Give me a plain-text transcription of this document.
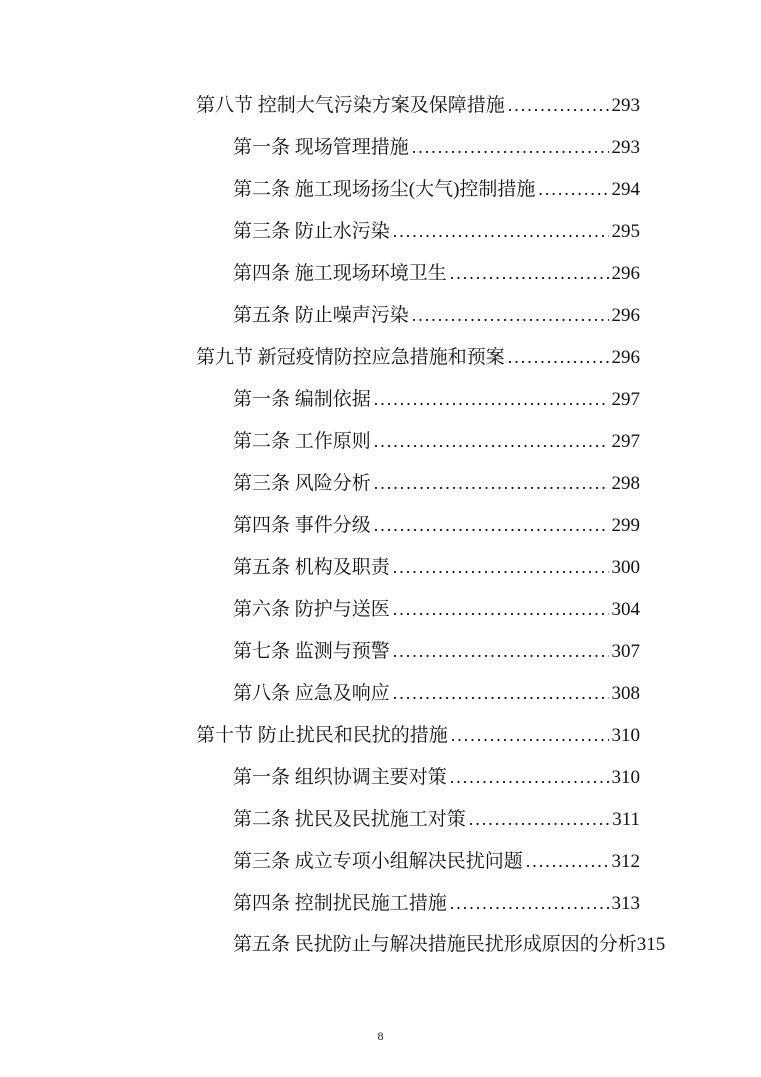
第八节 控制大气污染方案及保障措施 .....	293
第一条 现场管理措施 .....	293
第二条 施工现场扬尘(大气)控制措施 .....	294
第三条 防止水污染 .....	295
第四条 施工现场环境卫生 .....	296
第五条 防止噪声污染 .....	296
第九节 新冠疫情防控应急措施和预案 .....	296
第一条 编制依据 .....	297
第二条 工作原则 .....	297
第三条 风险分析 .....	298
第四条 事件分级 .....	299
第五条 机构及职责 .....	300
第六条 防护与送医 .....	304
第七条 监测与预警 .....	307
第八条 应急及响应 .....	308
第十节 防止扰民和民扰的措施 .....	310
第一条 组织协调主要对策 .....	310
第二条 扰民及民扰施工对策 .....	311
第三条 成立专项小组解决民扰问题 .....	312
第四条 控制扰民施工措施 .....	313
第五条 民扰防止与解决措施民扰形成原因的分析 315
8
